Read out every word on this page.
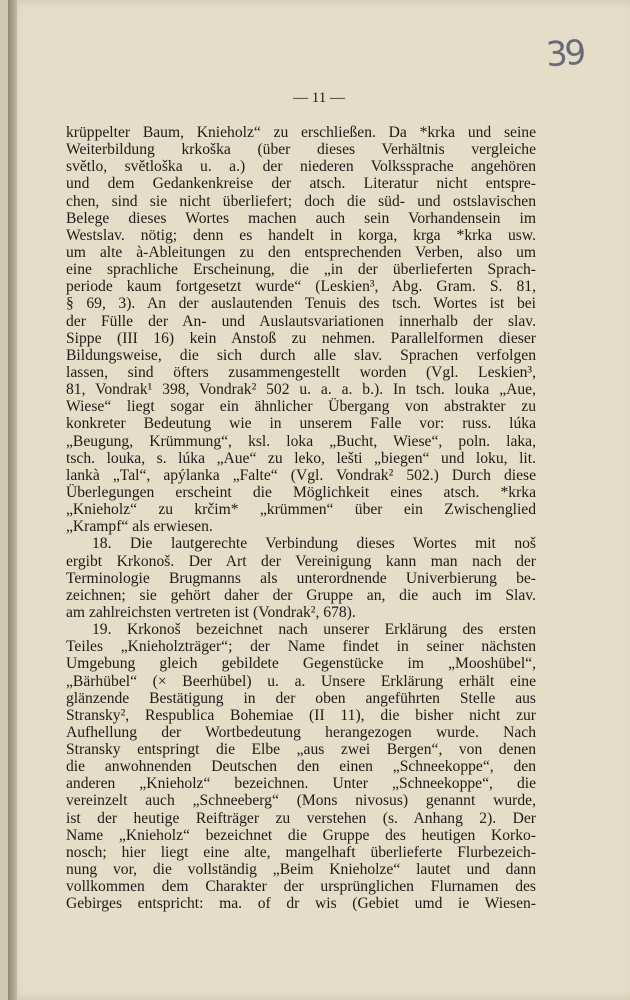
39
— 11 —
krüppelter Baum, Knieholz“ zu erschließen. Da *krka und seine
Weiterbildung krkoška (über dieses Verhältnis vergleiche
světlo, světloška u. a.) der niederen Volkssprache angehören
und dem Gedankenkreise der atsch. Literatur nicht entspre-
chen, sind sie nicht überliefert; doch die süd- und ostslavischen
Belege dieses Wortes machen auch sein Vorhandensein im
Westslav. nötig; denn es handelt in korga, krga *krka usw.
um alte à-Ableitungen zu den entsprechenden Verben, also um
eine sprachliche Erscheinung, die „in der überlieferten Sprach-
periode kaum fortgesetzt wurde“ (Leskien³, Abg. Gram. S. 81,
§ 69, 3). An der auslautenden Tenuis des tsch. Wortes ist bei
der Fülle der An- und Auslautsvariationen innerhalb der slav.
Sippe (III 16) kein Anstoß zu nehmen. Parallelformen dieser
Bildungsweise, die sich durch alle slav. Sprachen verfolgen
lassen, sind öfters zusammengestellt worden (Vgl. Leskien³,
81, Vondrak¹ 398, Vondrak² 502 u. a. a. b.). In tsch. louka „Aue,
Wiese“ liegt sogar ein ähnlicher Übergang von abstrakter zu
konkreter Bedeutung wie in unserem Falle vor: russ. lúka
„Beugung, Krümmung“, ksl. loka „Bucht, Wiese“, poln. laka,
tsch. louka, s. lúka „Aue“ zu leko, lešti „biegen“ und loku, lit.
lankà „Tal“, apýlanka „Falte“ (Vgl. Vondrak² 502.) Durch diese
Überlegungen erscheint die Möglichkeit eines atsch. *krka
„Knieholz“ zu krčim* „krümmen“ über ein Zwischenglied
„Krampf“ als erwiesen.
18. Die lautgerechte Verbindung dieses Wortes mit noš
ergibt Krkonoš. Der Art der Vereinigung kann man nach der
Terminologie Brugmanns als unterordnende Univerbierung be-
zeichnen; sie gehört daher der Gruppe an, die auch im Slav.
am zahlreichsten vertreten ist (Vondrak², 678).
19. Krkonoš bezeichnet nach unserer Erklärung des ersten
Teiles „Knieholzträger“; der Name findet in seiner nächsten
Umgebung gleich gebildete Gegenstücke im „Mooshübel“,
„Bärhübel“ (× Beerhübel) u. a. Unsere Erklärung erhält eine
glänzende Bestätigung in der oben angeführten Stelle aus
Stransky², Respublica Bohemiae (II 11), die bisher nicht zur
Aufhellung der Wortbedeutung herangezogen wurde. Nach
Stransky entspringt die Elbe „aus zwei Bergen“, von denen
die anwohnenden Deutschen den einen „Schneekoppe“, den
anderen „Knieholz“ bezeichnen. Unter „Schneekoppe“, die
vereinzelt auch „Schneeberg“ (Mons nivosus) genannt wurde,
ist der heutige Reifträger zu verstehen (s. Anhang 2). Der
Name „Knieholz“ bezeichnet die Gruppe des heutigen Korko-
nosch; hier liegt eine alte, mangelhaft überlieferte Flurbezeich-
nung vor, die vollständig „Beim Knieholze“ lautet und dann
vollkommen dem Charakter der ursprünglichen Flurnamen des
Gebirges entspricht: ma. of dr wis (Gebiet umd ie Wiesen-
